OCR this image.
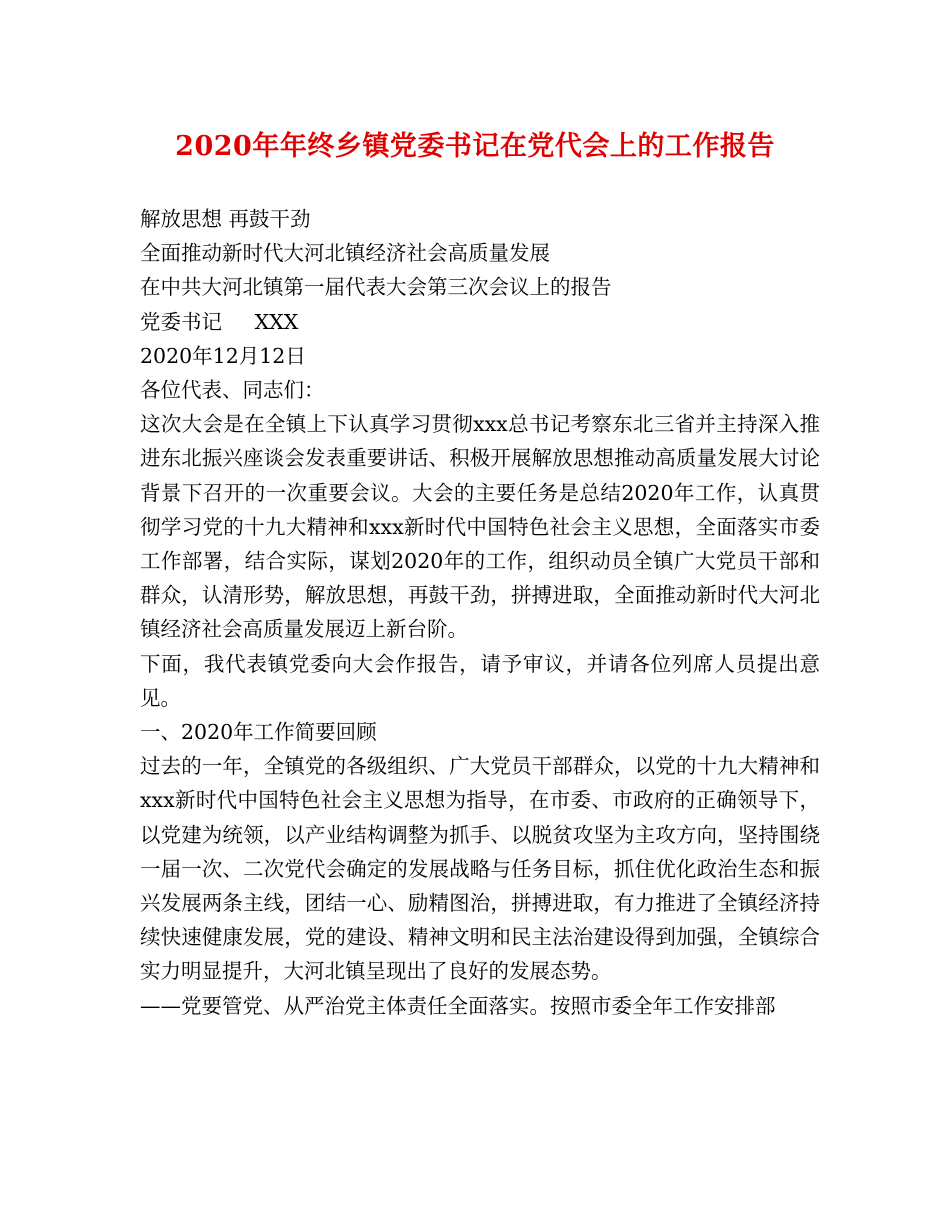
2020年年终乡镇党委书记在党代会上的工作报告
解放思想 再鼓干劲
全面推动新时代大河北镇经济社会高质量发展
在中共大河北镇第一届代表大会第三次会议上的报告
党委书记     XXX
2020年12月12日
各位代表、同志们：

这次大会是在全镇上下认真学习贯彻xxx总书记考察东北三省并主持深入推进东北振兴座谈会发表重要讲话、积极开展解放思想推动高质量发展大讨论背景下召开的一次重要会议。大会的主要任务是总结2020年工作，认真贯彻学习党的十九大精神和xxx新时代中国特色社会主义思想，全面落实市委工作部署，结合实际，谋划2020年的工作，组织动员全镇广大党员干部和群众，认清形势，解放思想，再鼓干劲，拼搏进取，全面推动新时代大河北镇经济社会高质量发展迈上新台阶。

下面，我代表镇党委向大会作报告，请予审议，并请各位列席人员提出意见。

一、2020年工作简要回顾

过去的一年，全镇党的各级组织、广大党员干部群众，以党的十九大精神和xxx新时代中国特色社会主义思想为指导，在市委、市政府的正确领导下，以党建为统领，以产业结构调整为抓手、以脱贫攻坚为主攻方向，坚持围绕一届一次、二次党代会确定的发展战略与任务目标，抓住优化政治生态和振兴发展两条主线，团结一心、励精图治，拼搏进取，有力推进了全镇经济持续快速健康发展，党的建设、精神文明和民主法治建设得到加强，全镇综合实力明显提升，大河北镇呈现出了良好的发展态势。

——党要管党、从严治党主体责任全面落实。按照市委全年工作安排部
